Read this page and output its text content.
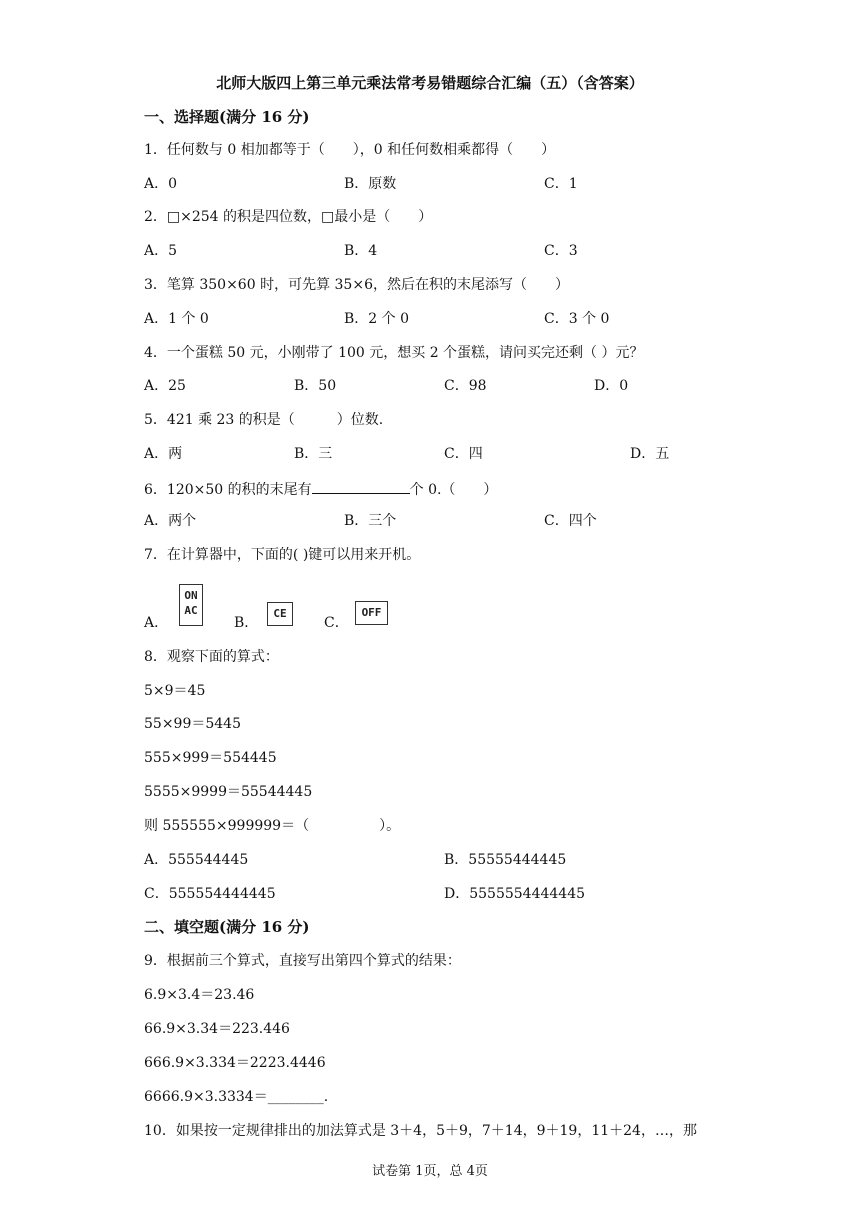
北师大版四上第三单元乘法常考易错题综合汇编（五）（含答案）
一、选择题(满分 16 分)
1．任何数与 0 相加都等于（　　），0 和任何数相乘都得（　　）
A．0	B．原数	C．1
2．□×254 的积是四位数，□最小是（　　）
A．5	B．4	C．3
3．笔算 350×60 时，可先算 35×6，然后在积的末尾添写（　　）
A．1 个 0	B．2 个 0	C．3 个 0
4．一个蛋糕 50 元，小刚带了 100 元，想买 2 个蛋糕，请问买完还剩（ ）元？
A．25	B．50	C．98	D．0
5．421 乘 23 的积是（　　　）位数.
A．两	B．三	C．四	D．五
6．120×50 的积的末尾有	个 0.（　　）
A．两个	B．三个	C．四个
7．在计算器中，下面的( )键可以用来开机。
A．
ON
AC
B．
CE
C．
OFF
8．观察下面的算式：
5×9＝45
55×99＝5445
555×999＝554445
5555×9999＝55544445
则 555555×999999＝（　　　　　）。
A．555544445	B．55555444445
C．555554444445	D．5555554444445
二、填空题(满分 16 分)
9．根据前三个算式，直接写出第四个算式的结果：
6.9×3.4＝23.46
66.9×3.34＝223.446
666.9×3.334＝2223.4446
6666.9×3.3334＝________.
10．如果按一定规律排出的加法算式是 3＋4，5＋9，7＋14，9＋19，11＋24，…，那
试卷第 1页，总 4页
